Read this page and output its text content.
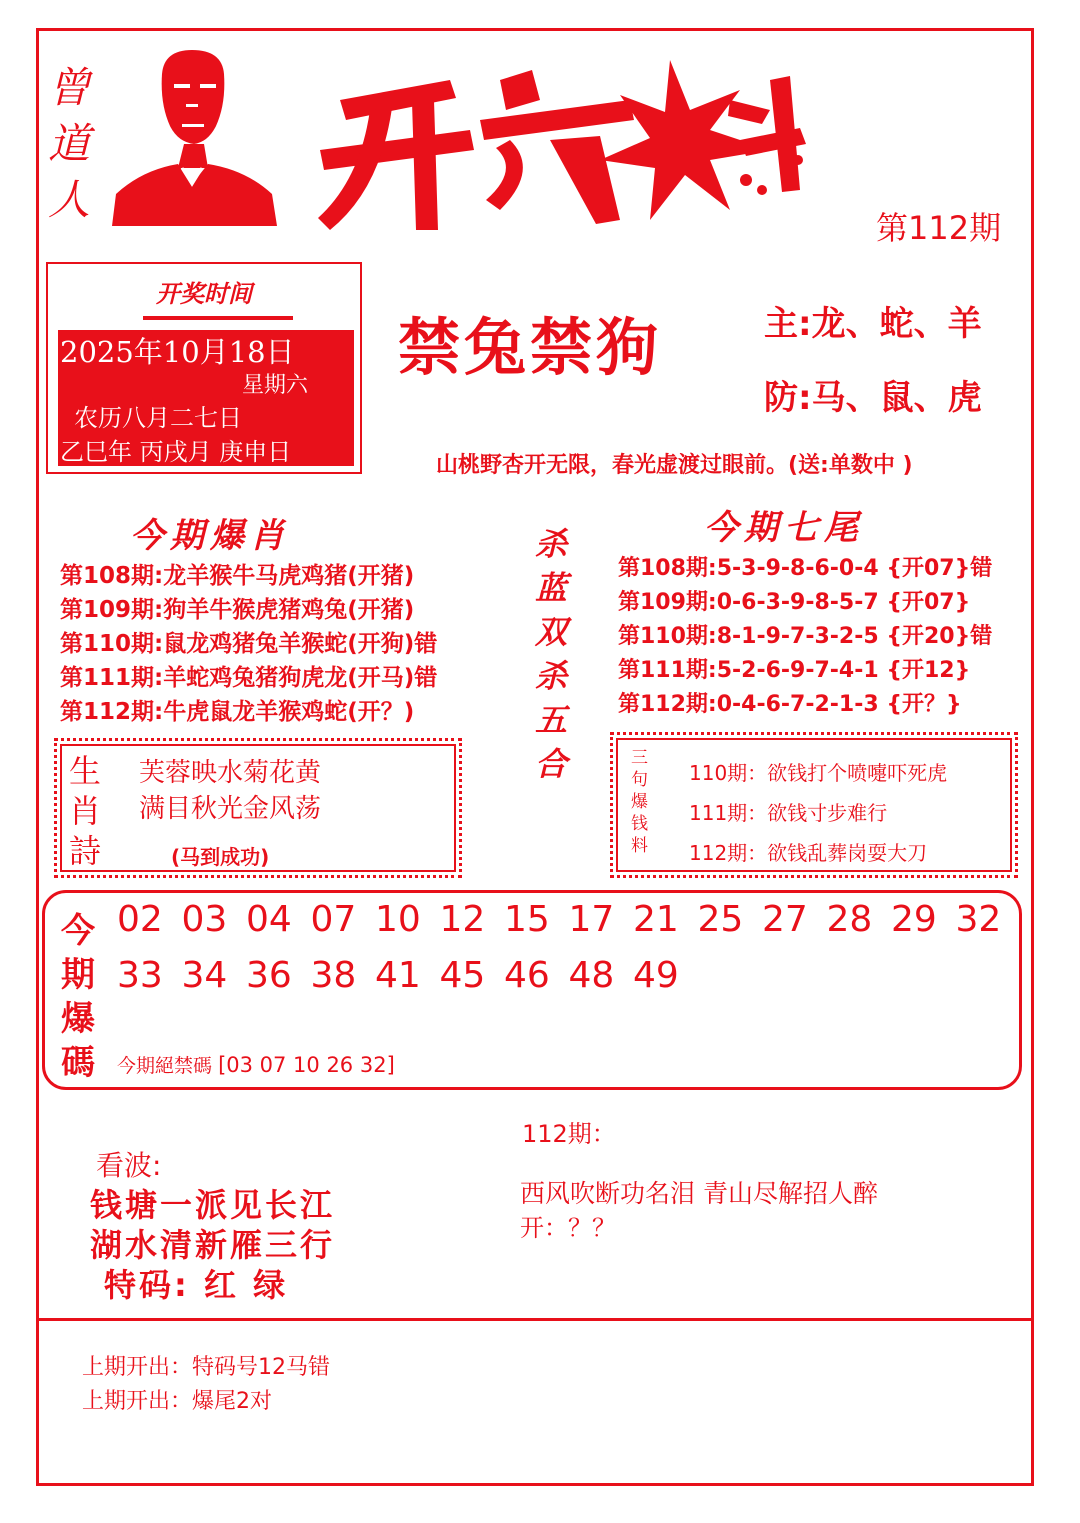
曾
道
人
第112期
开奖时间
2025年10月18日
星期六
农历八月二七日
乙巳年 丙戌月 庚申日
禁兔禁狗	主:龙、蛇、羊
防:马、鼠、虎
山桃野杏开无限，春光虚渡过眼前。(送:单数中 )
今期爆肖
第108期:龙羊猴牛马虎鸡猪(开猪)
第109期:狗羊牛猴虎猪鸡兔(开猪)
第110期:鼠龙鸡猪兔羊猴蛇(开狗)错
第111期:羊蛇鸡兔猪狗虎龙(开马)错
第112期:牛虎鼠龙羊猴鸡蛇(开？)
杀
蓝
双
杀
五
合
今期七尾
第108期:5-3-9-8-6-0-4 {开07}错
第109期:0-6-3-9-8-5-7 {开07}
第110期:8-1-9-7-3-2-5 {开20}错
第111期:5-2-6-9-7-4-1 {开12}
第112期:0-4-6-7-2-1-3 {开？}
生
肖
詩
芙蓉映水菊花黄
满目秋光金风荡
(马到成功)
三
句
爆
钱
料
110期：欲钱打个喷嚏吓死虎
111期：欲钱寸步难行
112期：欲钱乱葬岗耍大刀
今
期
爆
碼
02 03 04 07 10 12 15 17 21 25 27 28 29 32
33 34 36 38 41 45 46 48 49
今期絕禁碼 [03 07 10 26 32]
看波:
钱塘一派见长江
湖水清新雁三行
特码: 红 绿
112期：
西风吹断功名泪 青山尽解招人醉
开：？？
上期开出：特码号12马错
上期开出：爆尾2对
